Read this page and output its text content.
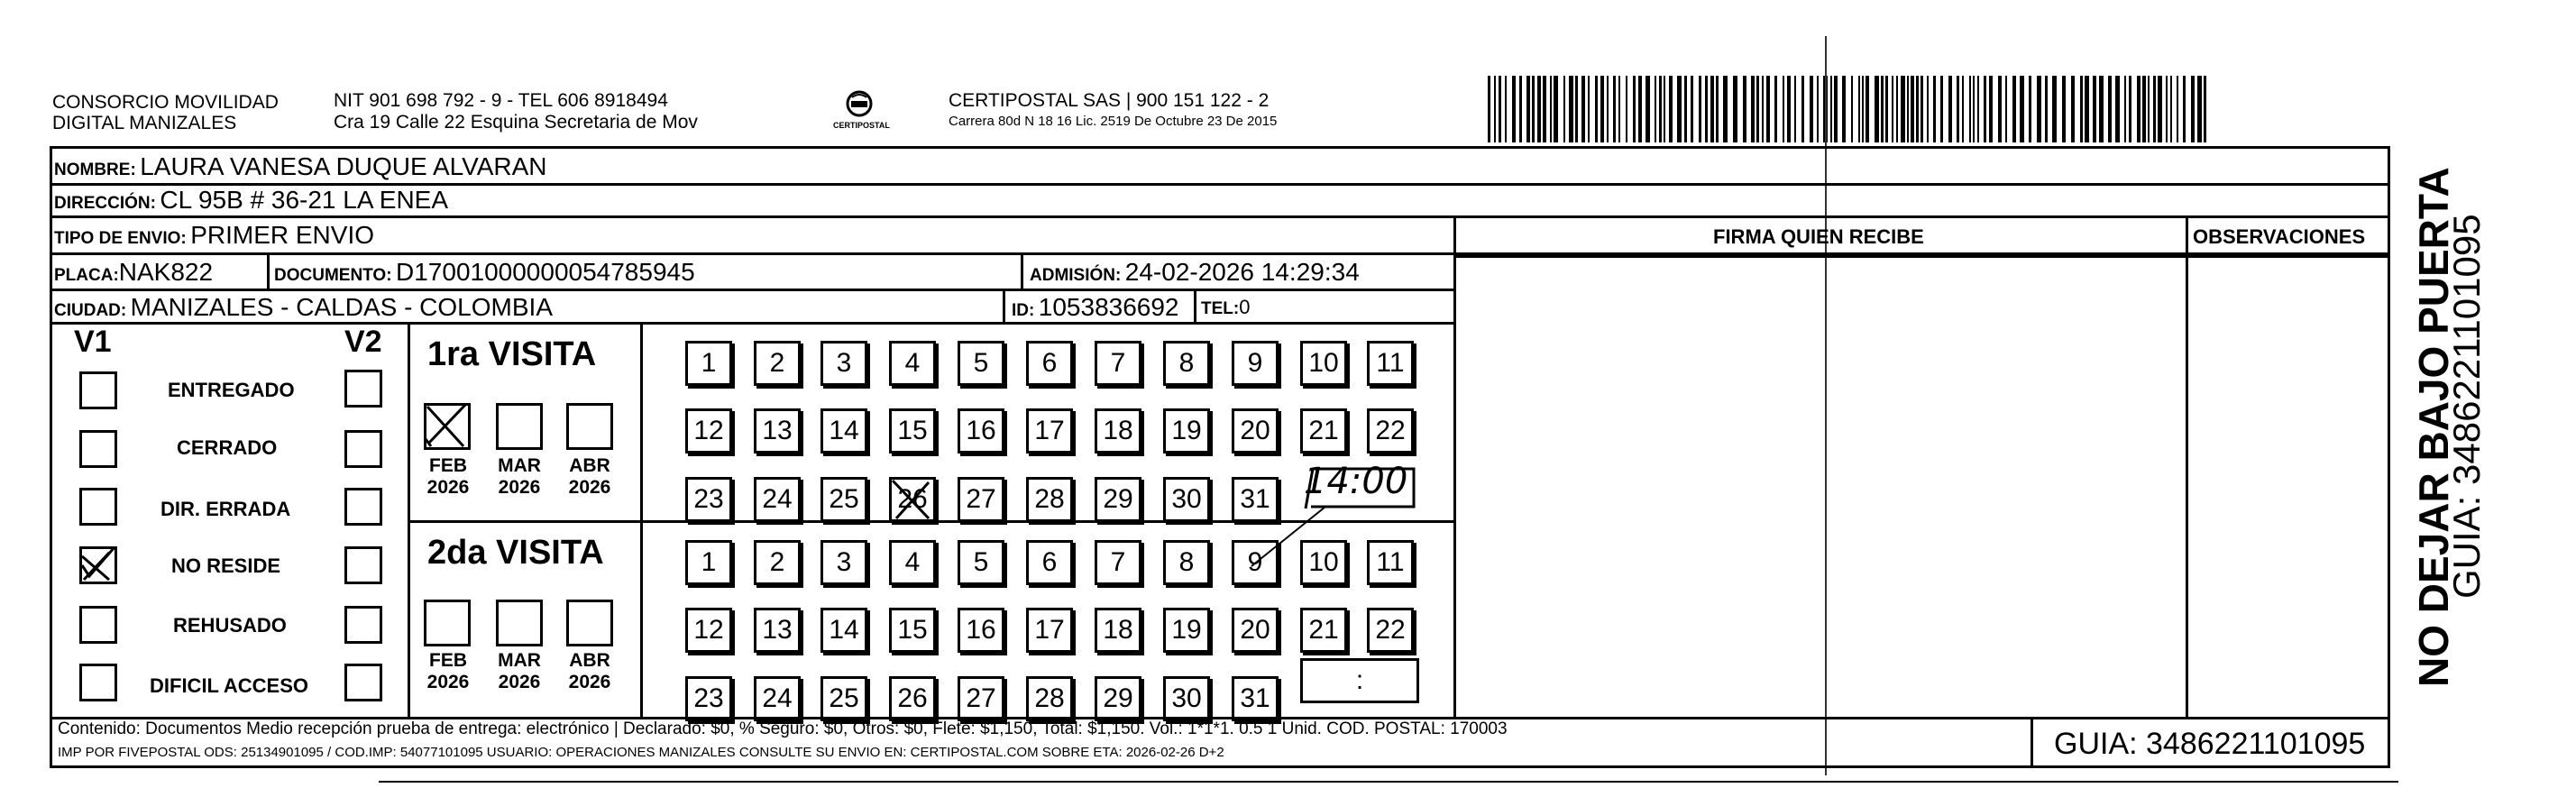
CONSORCIO MOVILIDAD
DIGITAL MANIZALES
NIT 901 698 792 - 9 - TEL 606 8918494
Cra 19 Calle 22 Esquina Secretaria de Mov	CERTIPOSTAL
CERTIPOSTAL SAS | 900 151 122 - 2
Carrera 80d N 18 16 Lic. 2519 De Octubre 23 De 2015
NOMBRE: LAURA VANESA DUQUE ALVARAN
DIRECCIÓN: CL 95B # 36-21 LA ENEA
TIPO DE ENVIO: PRIMER ENVIO	FIRMA QUIEN RECIBE	OBSERVACIONES
PLACA:NAK822	DOCUMENTO: D17001000000054785945	ADMISIÓN: 24-02-2026 14:29:34
CIUDAD: MANIZALES - CALDAS - COLOMBIA	ID: 1053836692 TEL:0
V1	V2
ENTREGADO
CERRADO
DIR. ERRADA
NO RESIDE
REHUSADO
DIFICIL ACCESO
1ra VISITA
FEB
2026
MAR
2026
ABR
2026
1	2	3	4	5	6	7	8	9	10	11
12	13	14	15	16	17	18	19	20	21	22
23	24	25	26	27	28	29	30	31 14:00
2da VISITA
FEB
2026
MAR
2026
ABR
2026
1	2	3	4	5	6	7	8	9	10	11
12	13	14	15	16	17	18	19	20	21	22
23	24	25	26	27	28	29	30	31
:
Contenido: Documentos Medio recepción prueba de entrega: electrónico | Declarado: $0, % Seguro: $0, Otros: $0, Flete: $1,150, Total: $1,150. Vol.: 1*1*1. 0.5 1 Unid. COD. POSTAL: 170003
IMP POR FIVEPOSTAL ODS: 25134901095 / COD.IMP: 54077101095 USUARIO: OPERACIONES MANIZALES CONSULTE SU ENVIO EN: CERTIPOSTAL.COM SOBRE ETA: 2026-02-26 D+2	GUIA: 3486221101095
NO DEJAR BAJO PUERTA
GUIA: 3486221101095
